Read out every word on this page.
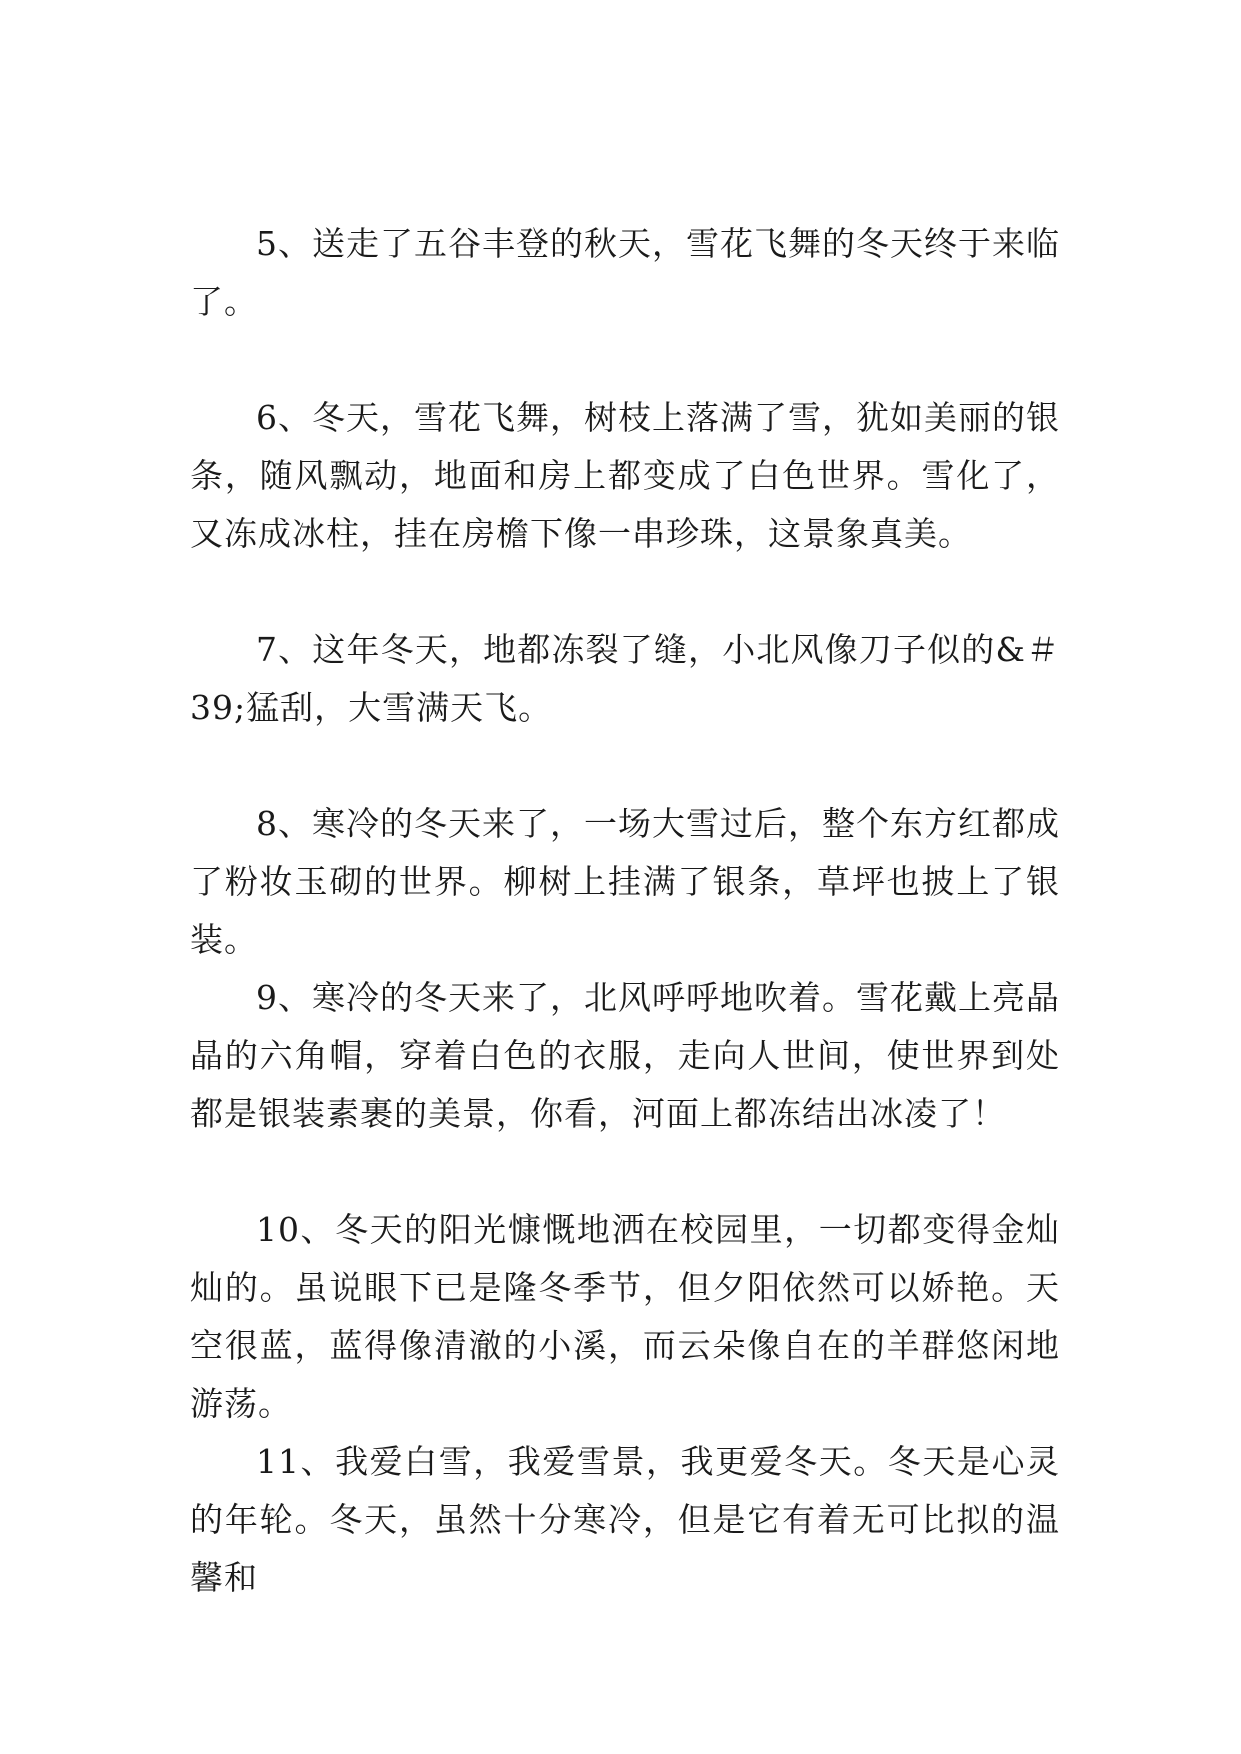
5、送走了五谷丰登的秋天，雪花飞舞的冬天终于来临了。

6、冬天，雪花飞舞，树枝上落满了雪，犹如美丽的银条，随风飘动，地面和房上都变成了白色世界。雪化了，又冻成冰柱，挂在房檐下像一串珍珠，这景象真美。

7、这年冬天，地都冻裂了缝，小北风像刀子似的&＃39;猛刮，大雪满天飞。

8、寒冷的冬天来了，一场大雪过后，整个东方红都成了粉妆玉砌的世界。柳树上挂满了银条，草坪也披上了银装。

9、寒冷的冬天来了，北风呼呼地吹着。雪花戴上亮晶晶的六角帽，穿着白色的衣服，走向人世间，使世界到处都是银装素裹的美景，你看，河面上都冻结出冰凌了！

10、冬天的阳光慷慨地洒在校园里，一切都变得金灿灿的。虽说眼下已是隆冬季节，但夕阳依然可以娇艳。天空很蓝，蓝得像清澈的小溪，而云朵像自在的羊群悠闲地游荡。

11、我爱白雪，我爱雪景，我更爱冬天。冬天是心灵的年轮。冬天，虽然十分寒冷，但是它有着无可比拟的温馨和
